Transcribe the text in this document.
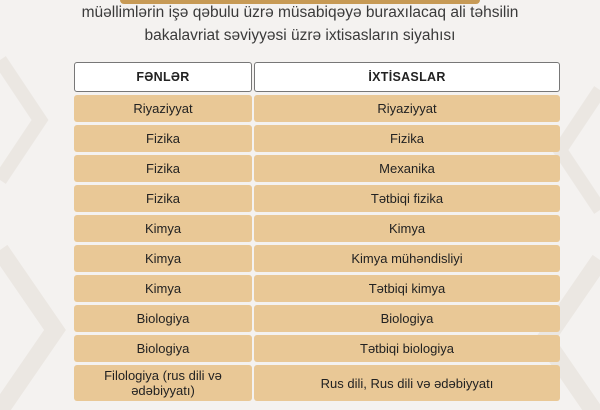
müəllimlərin işə qəbulu üzrə müsabiqəyə buraxılacaq ali təhsilin
bakalavriat səviyyəsi üzrə ixtisasların siyahısı
FƏNLƏR	İXTİSASLAR
Riyaziyyat	Riyaziyyat
Fizika	Fizika
Fizika	Mexanika
Fizika	Tətbiqi fizika
Kimya	Kimya
Kimya	Kimya mühəndisliyi
Kimya	Tətbiqi kimya
Biologiya	Biologiya
Biologiya	Tətbiqi biologiya
Filologiya (rus dili və ədəbiyyatı)	Rus dili, Rus dili və ədəbiyyatı
